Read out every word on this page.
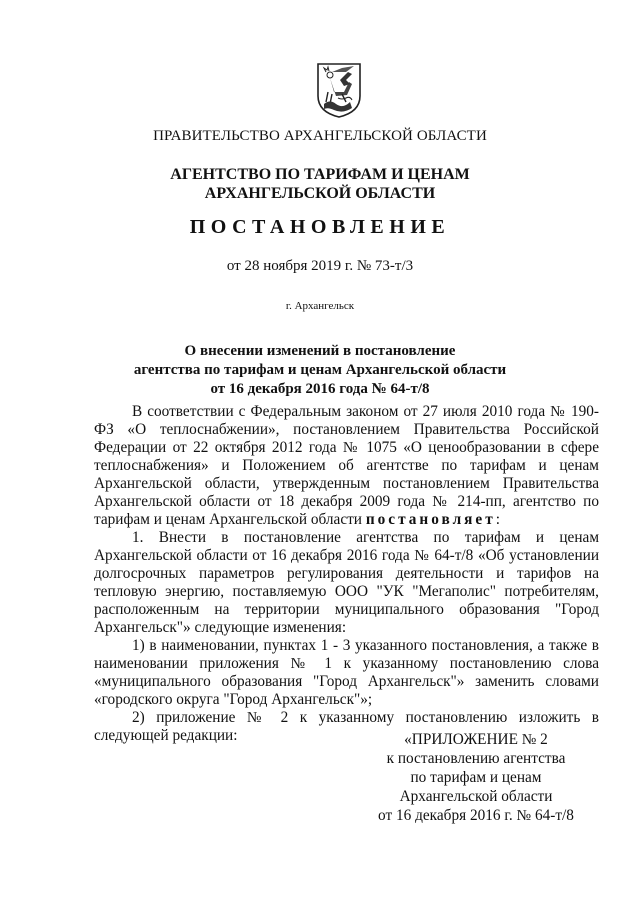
ПРАВИТЕЛЬСТВО АРХАНГЕЛЬСКОЙ ОБЛАСТИ
АГЕНТСТВО ПО ТАРИФАМ И ЦЕНАМ
АРХАНГЕЛЬСКОЙ ОБЛАСТИ
ПОСТАНОВЛЕНИЕ
от 28 ноября 2019 г. № 73-т/3
г. Архангельск
О внесении изменений в постановление
агентства по тарифам и ценам Архангельской области
от 16 декабря 2016 года № 64-т/8

В соответствии с Федеральным законом от 27 июля 2010 года № 190-ФЗ «О теплоснабжении», постановлением Правительства Российской Федерации от 22 октября 2012 года № 1075 «О ценообразовании в сфере теплоснабжения» и Положением об агентстве по тарифам и ценам Архангельской области, утвержденным постановлением Правительства Архангельской области от 18 декабря 2009 года № 214-пп, агентство по тарифам и ценам Архангельской области постановляет:

1. Внести в постановление агентства по тарифам и ценам Архангельской области от 16 декабря 2016 года № 64-т/8 «Об установлении долгосрочных параметров регулирования деятельности и тарифов на тепловую энергию, поставляемую ООО "УК "Мегаполис" потребителям, расположенным на территории муниципального образования "Город Архангельск"» следующие изменения:

1) в наименовании, пунктах 1 - 3 указанного постановления, а также в наименовании приложения № 1 к указанному постановлению слова «муниципального образования "Город Архангельск"» заменить словами «городского округа "Город Архангельск"»;

2) приложение № 2 к указанному постановлению изложить в следующей редакции:	«ПРИЛОЖЕНИЕ № 2
к постановлению агентства
по тарифам и ценам
Архангельской области
от 16 декабря 2016 г. № 64-т/8
